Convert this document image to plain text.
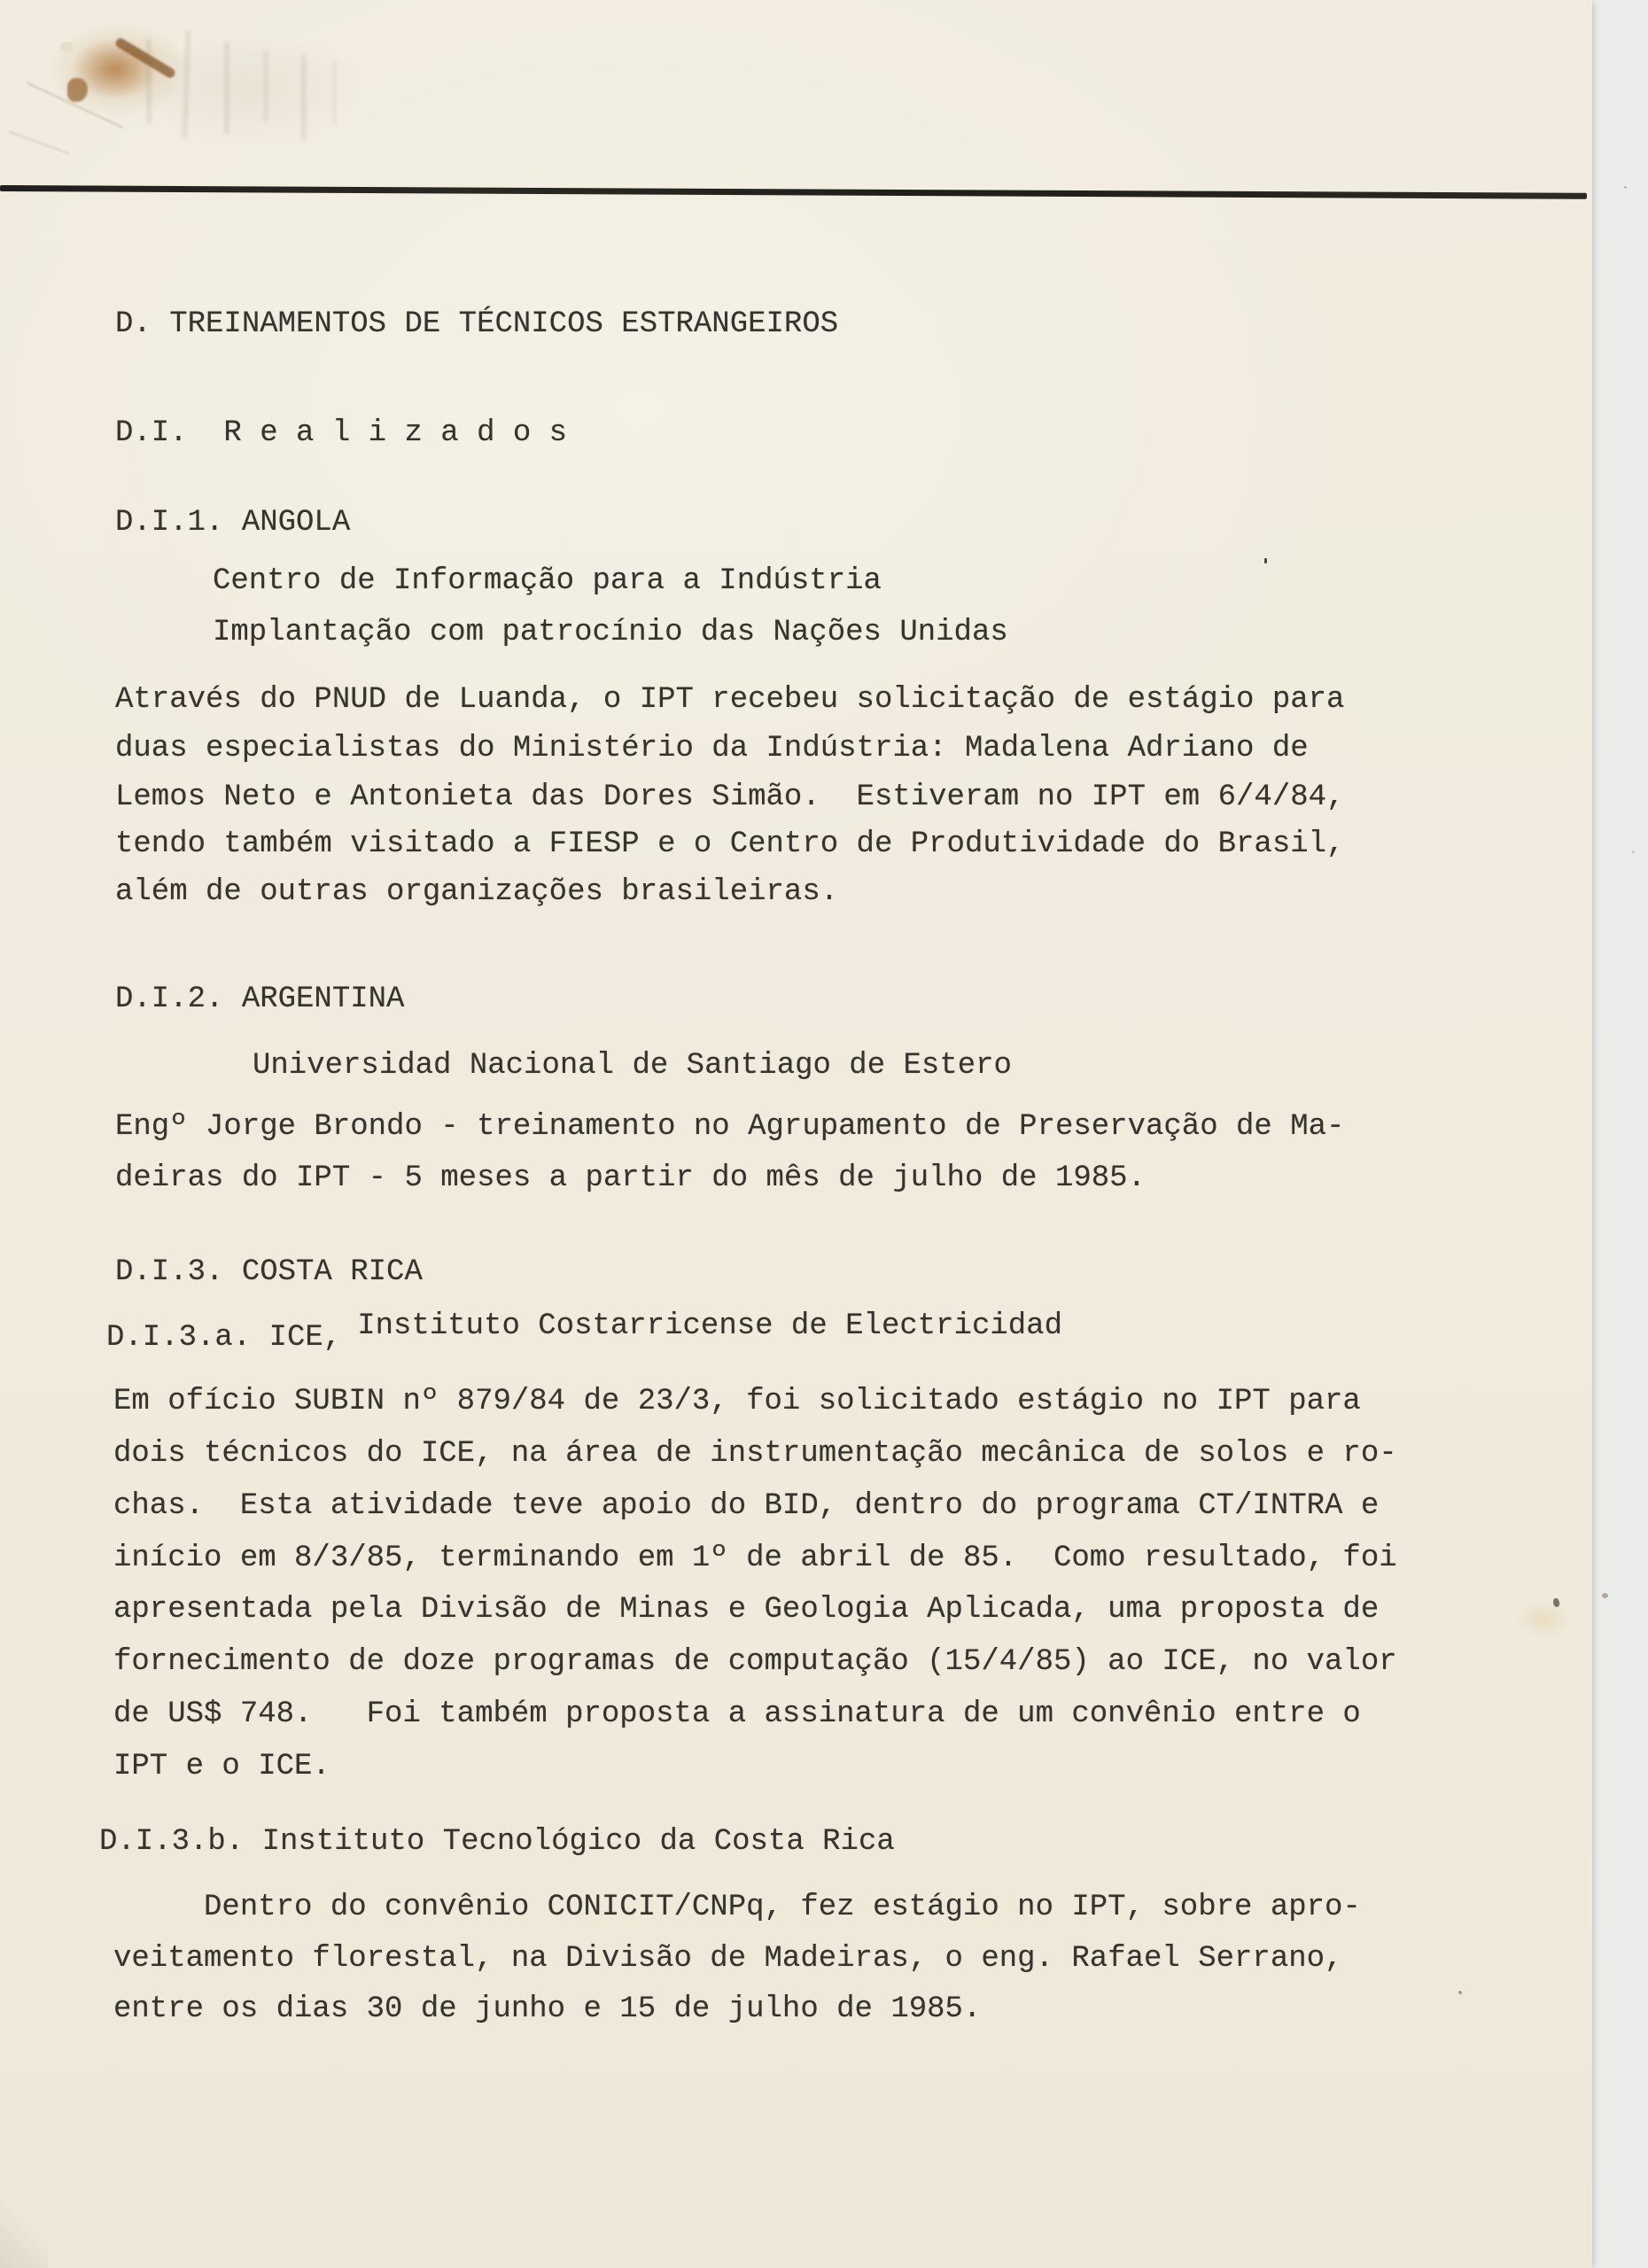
D. TREINAMENTOS DE TÉCNICOS ESTRANGEIROS
D.I.  R e a l i z a d o s
D.I.1. ANGOLA
Centro de Informação para a Indústria
Implantação com patrocínio das Nações Unidas
Através do PNUD de Luanda, o IPT recebeu solicitação de estágio para
duas especialistas do Ministério da Indústria: Madalena Adriano de
Lemos Neto e Antonieta das Dores Simão.  Estiveram no IPT em 6/4/84,
tendo também visitado a FIESP e o Centro de Produtividade do Brasil,
além de outras organizações brasileiras.
D.I.2. ARGENTINA
Universidad Nacional de Santiago de Estero
Engº Jorge Brondo - treinamento no Agrupamento de Preservação de Ma-
deiras do IPT - 5 meses a partir do mês de julho de 1985.
D.I.3. COSTA RICA
D.I.3.a. ICE, Instituto Costarricense de Electricidad
Em ofício SUBIN nº 879/84 de 23/3, foi solicitado estágio no IPT para
dois técnicos do ICE, na área de instrumentação mecânica de solos e ro-
chas.  Esta atividade teve apoio do BID, dentro do programa CT/INTRA e
início em 8/3/85, terminando em 1º de abril de 85.  Como resultado, foi
apresentada pela Divisão de Minas e Geologia Aplicada, uma proposta de
fornecimento de doze programas de computação (15/4/85) ao ICE, no valor
de US$ 748.   Foi também proposta a assinatura de um convênio entre o
IPT e o ICE.
D.I.3.b. Instituto Tecnológico da Costa Rica
Dentro do convênio CONICIT/CNPq, fez estágio no IPT, sobre apro-
veitamento florestal, na Divisão de Madeiras, o eng. Rafael Serrano,
entre os dias 30 de junho e 15 de julho de 1985.
